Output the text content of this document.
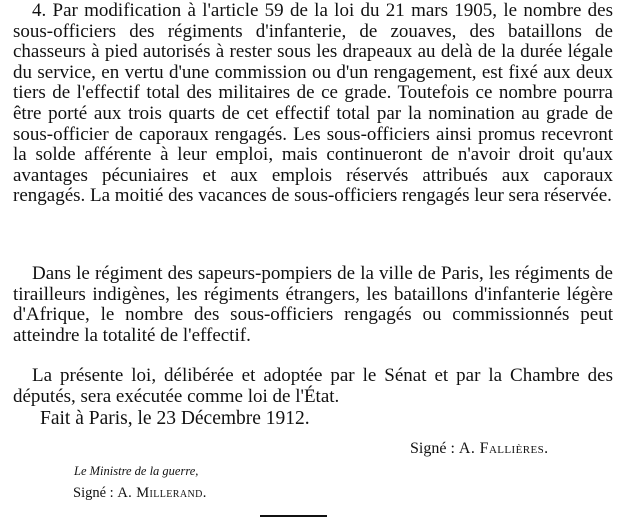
4. Par modification à l'article 59 de la loi du 21 mars 1905, le nombre des sous-officiers des régiments d'infanterie, de zouaves, des bataillons de chasseurs à pied autorisés à rester sous les drapeaux au delà de la durée légale du service, en vertu d'une commission ou d'un rengagement, est fixé aux deux tiers de l'effectif total des militaires de ce grade. Toutefois ce nombre pourra être porté aux trois quarts de cet effectif total par la nomination au grade de sous-officier de caporaux rengagés. Les sous-officiers ainsi promus recevront la solde afférente à leur emploi, mais continueront de n'avoir droit qu'aux avantages pécuniaires et aux emplois réservés attribués aux caporaux rengagés. La moitié des vacances de sous-officiers rengagés leur sera réservée.

Dans le régiment des sapeurs-pompiers de la ville de Paris, les régiments de tirailleurs indigènes, les régiments étrangers, les bataillons d'infanterie légère d'Afrique, le nombre des sous-officiers rengagés ou commissionnés peut atteindre la totalité de l'effectif.

La présente loi, délibérée et adoptée par le Sénat et par la Chambre des députés, sera exécutée comme loi de l'État.

Fait à Paris, le 23 Décembre 1912.

Signé : A. Fallières.

Le Ministre de la guerre,

Signé : A. Millerand.
